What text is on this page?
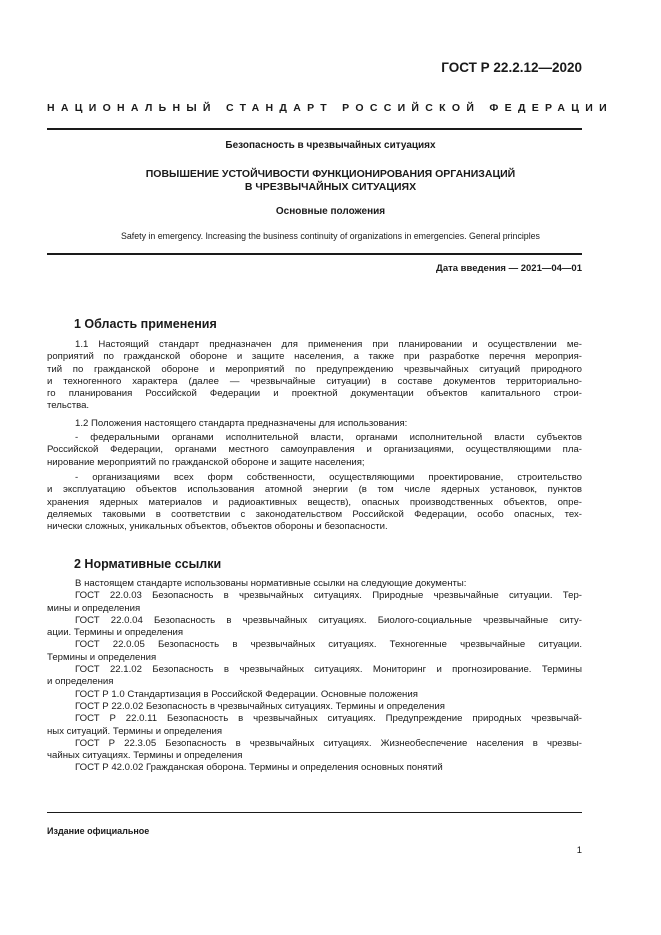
ГОСТ Р 22.2.12—2020
НАЦИОНАЛЬНЫЙ СТАНДАРТ РОССИЙСКОЙ ФЕДЕРАЦИИ
Безопасность в чрезвычайных ситуациях
ПОВЫШЕНИЕ УСТОЙЧИВОСТИ ФУНКЦИОНИРОВАНИЯ ОРГАНИЗАЦИЙ
В ЧРЕЗВЫЧАЙНЫХ СИТУАЦИЯХ
Основные положения
Safety in emergency. Increasing the business continuity of organizations in emergencies. General principles
Дата введения — 2021—04—01
1 Область применения
1.1 Настоящий стандарт предназначен для применения при планировании и осуществлении ме-
роприятий по гражданской обороне и защите населения, а также при разработке перечня мероприя-
тий по гражданской обороне и мероприятий по предупреждению чрезвычайных ситуаций природного
и техногенного характера (далее — чрезвычайные ситуации) в составе документов территориально-
го планирования Российской Федерации и проектной документации объектов капитального строи-
тельства.
1.2 Положения настоящего стандарта предназначены для использования:
- федеральными органами исполнительной власти, органами исполнительной власти субъектов
Российской Федерации, органами местного самоуправления и организациями, осуществляющими пла-
нирование мероприятий по гражданской обороне и защите населения;
- организациями всех форм собственности, осуществляющими проектирование, строительство
и эксплуатацию объектов использования атомной энергии (в том числе ядерных установок, пунктов
хранения ядерных материалов и радиоактивных веществ), опасных производственных объектов, опре-
деляемых таковыми в соответствии с законодательством Российской Федерации, особо опасных, тех-
нически сложных, уникальных объектов, объектов обороны и безопасности.
2 Нормативные ссылки
В настоящем стандарте использованы нормативные ссылки на следующие документы:
ГОСТ 22.0.03 Безопасность в чрезвычайных ситуациях. Природные чрезвычайные ситуации. Тер-
мины и определения
ГОСТ 22.0.04 Безопасность в чрезвычайных ситуациях. Биолого-социальные чрезвычайные ситу-
ации. Термины и определения
ГОСТ 22.0.05 Безопасность в чрезвычайных ситуациях. Техногенные чрезвычайные ситуации.
Термины и определения
ГОСТ 22.1.02 Безопасность в чрезвычайных ситуациях. Мониторинг и прогнозирование. Термины
и определения
ГОСТ Р 1.0 Стандартизация в Российской Федерации. Основные положения
ГОСТ Р 22.0.02 Безопасность в чрезвычайных ситуациях. Термины и определения
ГОСТ Р 22.0.11 Безопасность в чрезвычайных ситуациях. Предупреждение природных чрезвычай-
ных ситуаций. Термины и определения
ГОСТ Р 22.3.05 Безопасность в чрезвычайных ситуациях. Жизнеобеспечение населения в чрезвы-
чайных ситуациях. Термины и определения
ГОСТ Р 42.0.02 Гражданская оборона. Термины и определения основных понятий
Издание официальное
1
